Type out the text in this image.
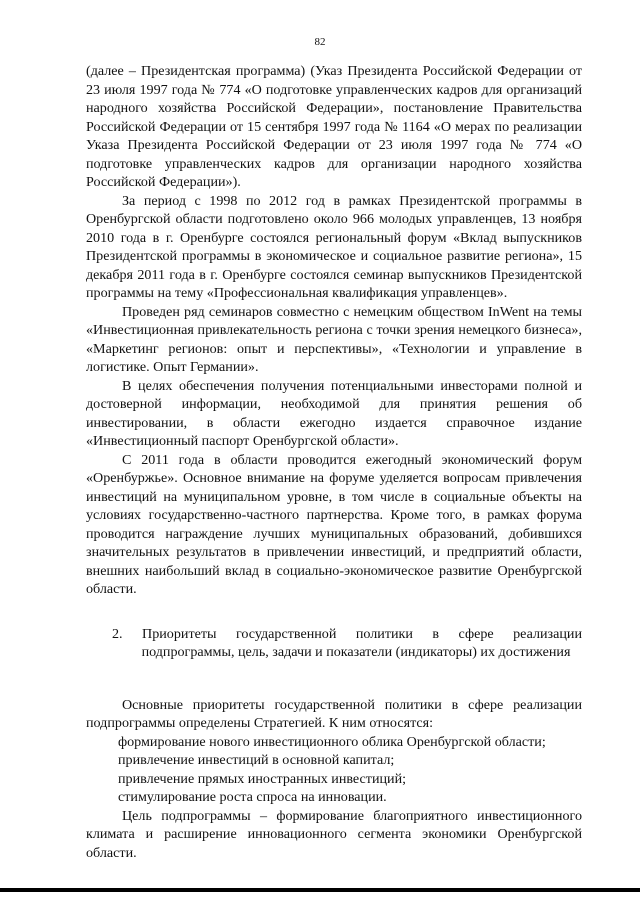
82

(далее – Президентская программа) (Указ Президента Российской Федерации от 23 июля 1997 года № 774 «О подготовке управленческих кадров для организаций народного хозяйства Российской Федерации», постановление Правительства Российской Федерации от 15 сентября 1997 года № 1164 «О мерах по реализации Указа Президента Российской Федерации от 23 июля 1997 года № 774 «О подготовке управленческих кадров для организации народного хозяйства Российской Федерации»).

За период с 1998 по 2012 год в рамках Президентской программы в Оренбургской области подготовлено около 966 молодых управленцев, 13 ноября 2010 года в г. Оренбурге состоялся региональный форум «Вклад выпускников Президентской программы в экономическое и социальное развитие региона», 15 декабря 2011 года в г. Оренбурге состоялся семинар выпускников Президентской программы на тему «Профессиональная квалификация управленцев».

Проведен ряд семинаров совместно с немецким обществом InWent на темы «Инвестиционная привлекательность региона с точки зрения немецкого бизнеса», «Маркетинг регионов: опыт и перспективы», «Технологии и управление в логистике. Опыт Германии».

В целях обеспечения получения потенциальными инвесторами полной и достоверной информации, необходимой для принятия решения об инвестировании, в области ежегодно издается справочное издание «Инвестиционный паспорт Оренбургской области».

С 2011 года в области проводится ежегодный экономический форум «Оренбуржье». Основное внимание на форуме уделяется вопросам привлечения инвестиций на муниципальном уровне, в том числе в социальные объекты на условиях государственно-частного партнерства. Кроме того, в рамках форума проводится награждение лучших муниципальных образований, добившихся значительных результатов в привлечении инвестиций, и предприятий области, внешних наибольший вклад в социально-экономическое развитие Оренбургской области.

2. Приоритеты государственной политики в сфере реализации подпрограммы, цель, задачи и показатели (индикаторы) их достижения

Основные приоритеты государственной политики в сфере реализации подпрограммы определены Стратегией. К ним относятся:

формирование нового инвестиционного облика Оренбургской области;

привлечение инвестиций в основной капитал;

привлечение прямых иностранных инвестиций;

стимулирование роста спроса на инновации.

Цель подпрограммы – формирование благоприятного инвестиционного климата и расширение инновационного сегмента экономики Оренбургской области.
